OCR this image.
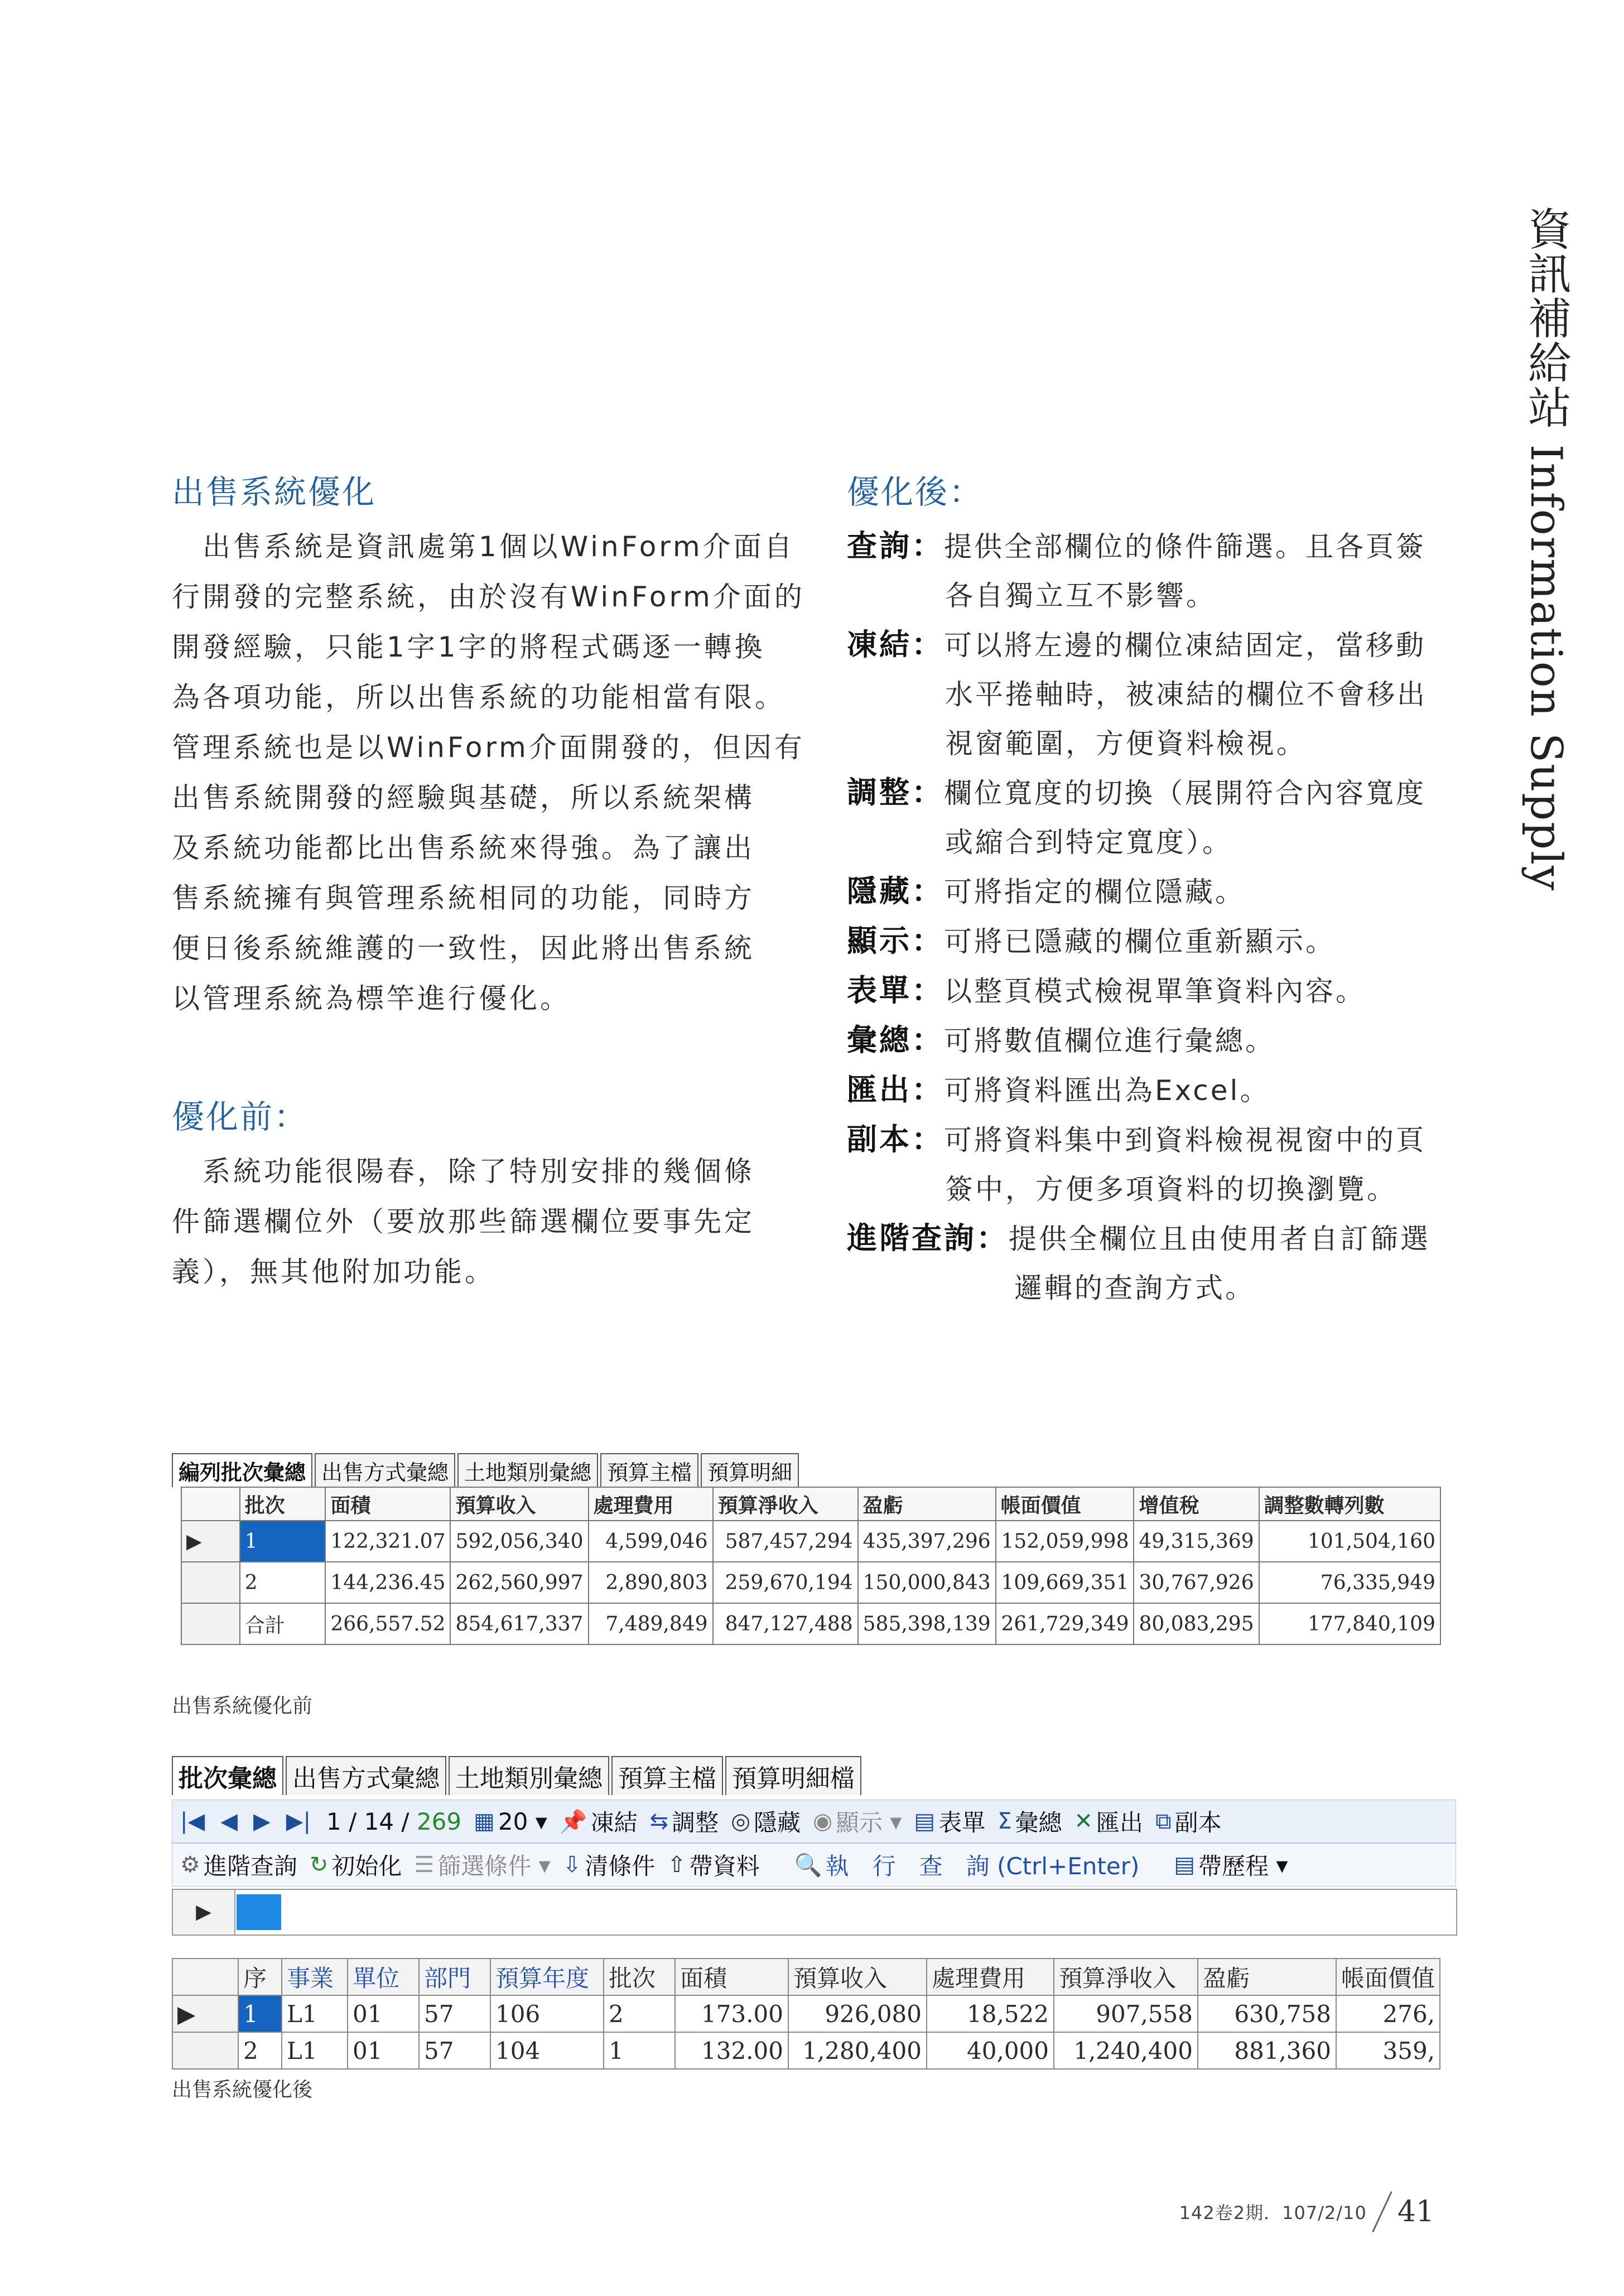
資訊補給站 Information Supply
出售系統優化
出售系統是資訊處第1個以WinForm介面自
行開發的完整系統，由於沒有WinForm介面的
開發經驗，只能1字1字的將程式碼逐一轉換
為各項功能，所以出售系統的功能相當有限。
管理系統也是以WinForm介面開發的，但因有
出售系統開發的經驗與基礎，所以系統架構
及系統功能都比出售系統來得強。為了讓出
售系統擁有與管理系統相同的功能，同時方
便日後系統維護的一致性，因此將出售系統
以管理系統為標竿進行優化。
優化前：
系統功能很陽春，除了特別安排的幾個條
件篩選欄位外（要放那些篩選欄位要事先定
義），無其他附加功能。
優化後：
查詢：提供全部欄位的條件篩選。且各頁簽
各自獨立互不影響。
凍結：可以將左邊的欄位凍結固定，當移動
水平捲軸時，被凍結的欄位不會移出
視窗範圍，方便資料檢視。
調整：欄位寬度的切換（展開符合內容寬度
或縮合到特定寬度）。
隱藏：可將指定的欄位隱藏。
顯示：可將已隱藏的欄位重新顯示。
表單：以整頁模式檢視單筆資料內容。
彙總：可將數值欄位進行彙總。
匯出：可將資料匯出為Excel。
副本：可將資料集中到資料檢視視窗中的頁
簽中，方便多項資料的切換瀏覽。
進階查詢：提供全欄位且由使用者自訂篩選
邏輯的查詢方式。
編列批次彙總 出售方式彙總 土地類別彙總 預算主檔 預算明細
	批次	面積	預算收入	處理費用	預算淨收入	盈虧	帳面價值	增值稅	調整數轉列數
▶	1	122,321.07	592,056,340	4,599,046	587,457,294	435,397,296	152,059,998	49,315,369	101,504,160
	2	144,236.45	262,560,997	2,890,803	259,670,194	150,000,843	109,669,351	30,767,926	76,335,949
	合計	266,557.52	854,617,337	7,489,849	847,127,488	585,398,139	261,729,349	80,083,295	177,840,109
出售系統優化前
批次彙總 出售方式彙總 土地類別彙總 預算主檔 預算明細檔
|◀ ◀ ▶ ▶| 1 / 14 /
269 ▦ 20 ▾ 📌 凍結 ⇆ 調整 ◎ 隱藏 ◉ 顯示 ▾ ▤ 表單 Σ 彙總 ✕ 匯出 ⧉ 副本
⚙ 進階查詢 ↻ 初始化 ☰ 篩選條件 ▾ ⇩ 清條件 ⇧ 帶資料 🔍 執　行　查　詢 (Ctrl+Enter) ▤ 帶歷程 ▾
▶
	序	事業	單位	部門	預算年度	批次	面積	預算收入	處理費用	預算淨收入	盈虧	帳面價值
▶	1	L1	01	57	106	2	173.00	926,080	18,522	907,558	630,758	276,
	2	L1	01	57	104	1	132.00	1,280,400	40,000	1,240,400	881,360	359,
出售系統優化後
142卷2期．107/2/10 41
